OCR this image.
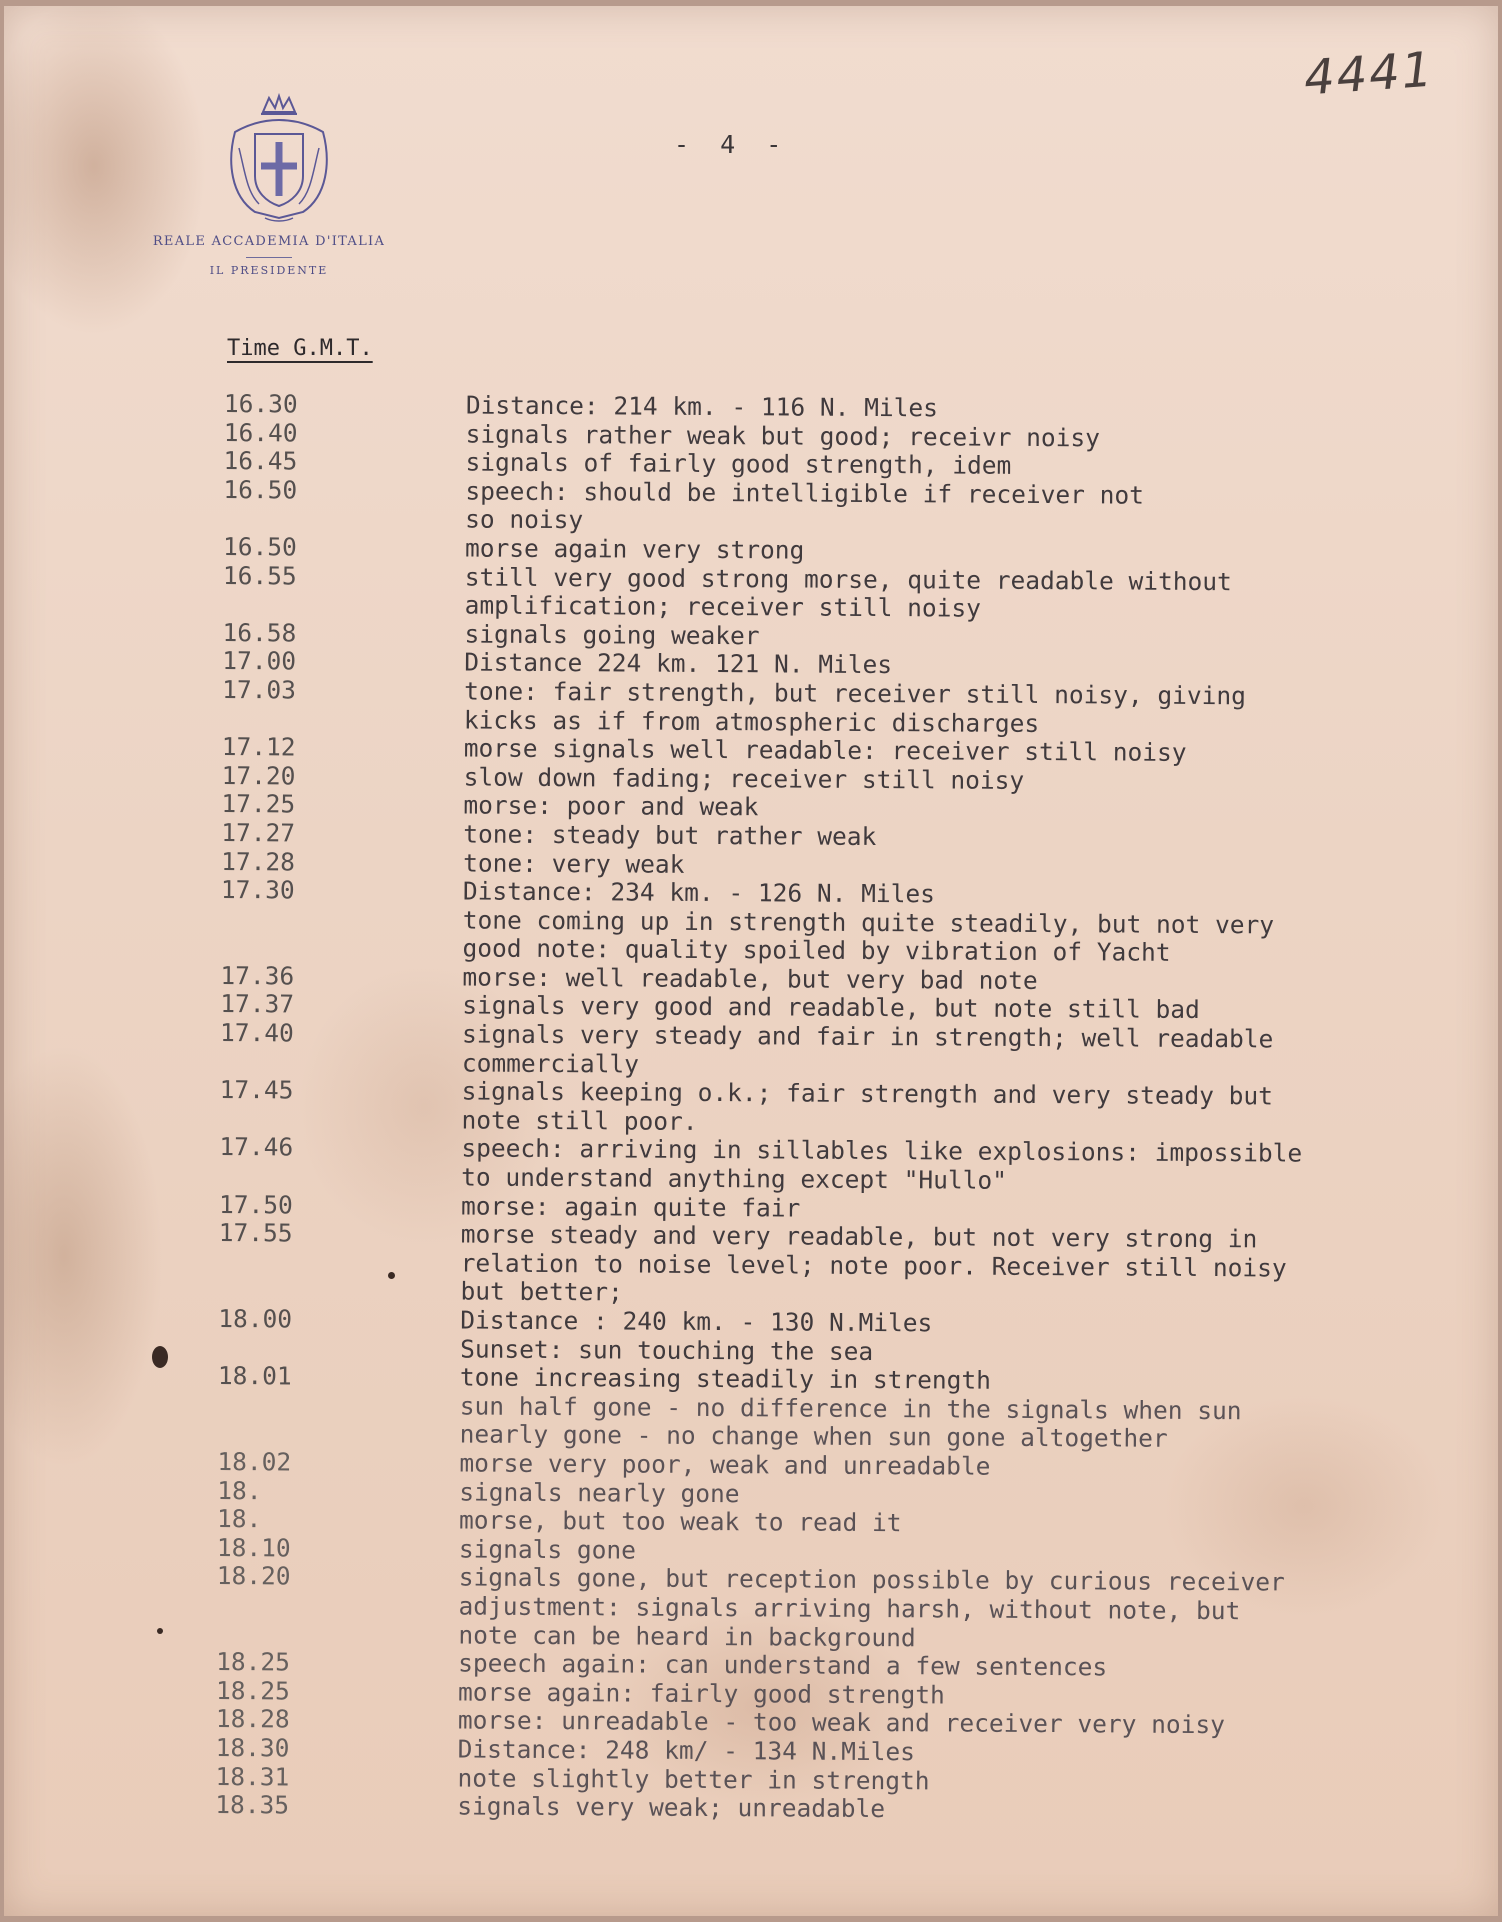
REALE ACCADEMIA D'ITALIA
IL PRESIDENTE
- 4 -
4441
Time G.M.T.
16.30	Distance: 214 km. - 116 N. Miles
16.40	signals rather weak but good; receivr noisy
16.45	signals of fairly good strength, idem
16.50	speech: should be intelligible if receiver not
so noisy
16.50	morse again very strong
16.55	still very good strong morse, quite readable without
amplification; receiver still noisy
16.58	signals going weaker
17.00	Distance 224 km. 121 N. Miles
17.03	tone: fair strength, but receiver still noisy, giving
kicks as if from atmospheric discharges
17.12	morse signals well readable: receiver still noisy
17.20	slow down fading; receiver still noisy
17.25	morse: poor and weak
17.27	tone: steady but rather weak
17.28	tone: very weak
17.30	Distance: 234 km. - 126 N. Miles
tone coming up in strength quite steadily, but not very
good note: quality spoiled by vibration of Yacht
17.36	morse: well readable, but very bad note
17.37	signals very good and readable, but note still bad
17.40	signals very steady and fair in strength; well readable
commercially
17.45	signals keeping o.k.; fair strength and very steady but
note still poor.
17.46	speech: arriving in sillables like explosions: impossible
to understand anything except "Hullo"
17.50	morse: again quite fair
17.55	morse steady and very readable, but not very strong in
relation to noise level; note poor. Receiver still noisy
but better;
18.00	Distance : 240 km. - 130 N.Miles
Sunset: sun touching the sea
18.01	tone increasing steadily in strength
sun half gone - no difference in the signals when sun
nearly gone - no change when sun gone altogether
18.02	morse very poor, weak and unreadable
18.	signals nearly gone
18.	morse, but too weak to read it
18.10	signals gone
18.20	signals gone, but reception possible by curious receiver
adjustment: signals arriving harsh, without note, but
note can be heard in background
18.25	speech again: can understand a few sentences
18.25	morse again: fairly good strength
18.28	morse: unreadable - too weak and receiver very noisy
18.30	Distance: 248 km/ - 134 N.Miles
18.31	note slightly better in strength
18.35	signals very weak; unreadable
